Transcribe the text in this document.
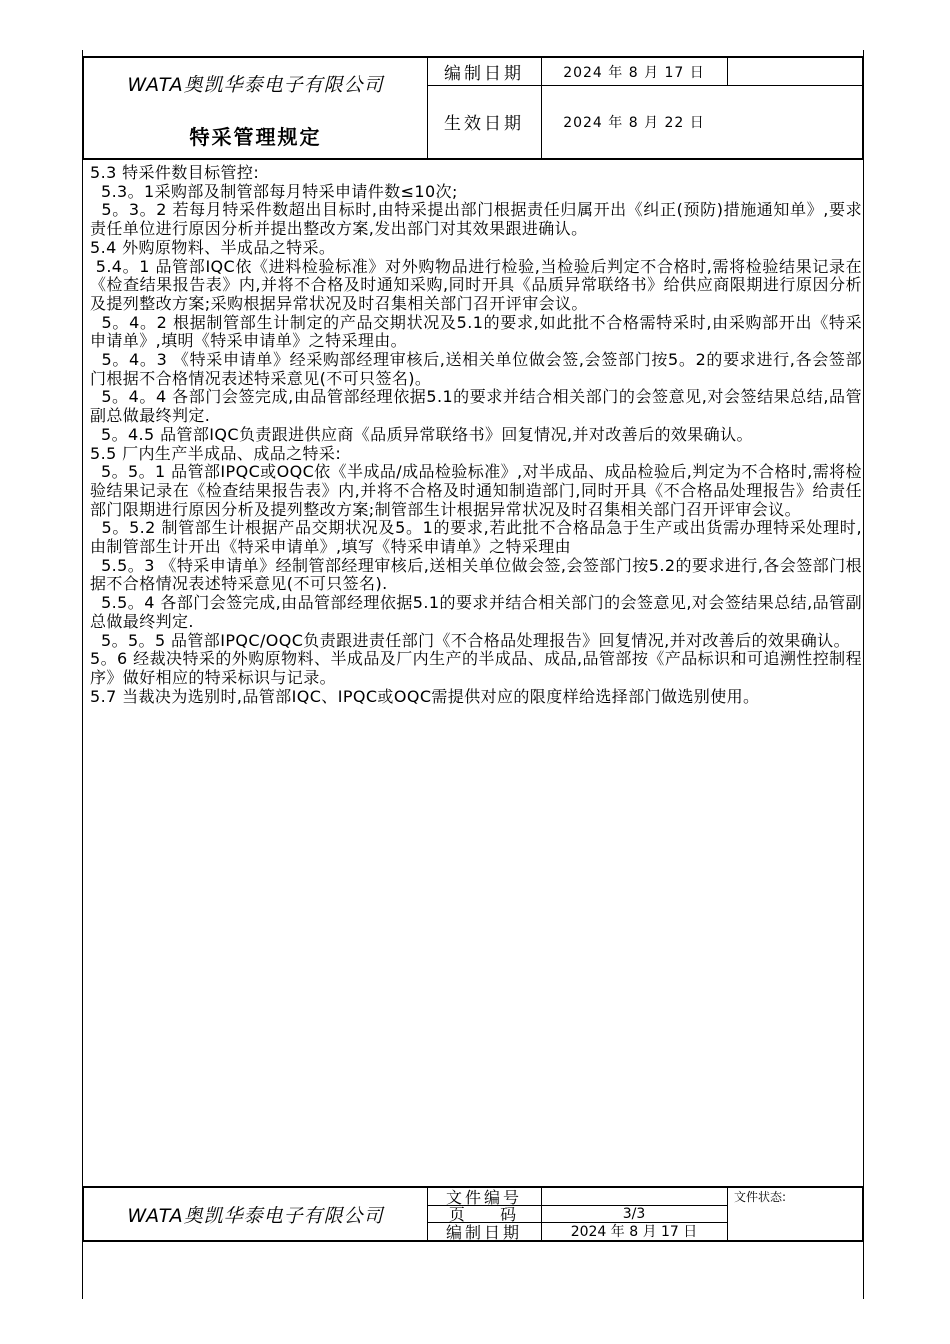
WATA奥凯华泰电子有限公司
特采管理规定
编制日期	2024 年 8 月 17 日
生效日期	2024 年 8 月 22 日

5.3 特采件数目标管控:

5.3。1采购部及制管部每月特采申请件数≤10次;

5。3。2 若每月特采件数超出目标时,由特采提出部门根据责任归属开出《纠正(预防)措施通知单》,要求责任单位进行原因分析并提出整改方案,发出部门对其效果跟进确认。

5.4 外购原物料、半成品之特采。

5.4。1 品管部IQC依《进料检验标准》对外购物品进行检验,当检验后判定不合格时,需将检验结果记录在《检查结果报告表》内,并将不合格及时通知采购,同时开具《品质异常联络书》给供应商限期进行原因分析及提列整改方案;采购根据异常状况及时召集相关部门召开评审会议。

5。4。2 根据制管部生计制定的产品交期状况及5.1的要求,如此批不合格需特采时,由采购部开出《特采申请单》,填明《特采申请单》之特采理由。

5。4。3 《特采申请单》经采购部经理审核后,送相关单位做会签,会签部门按5。2的要求进行,各会签部门根据不合格情况表述特采意见(不可只签名)。

5。4。4 各部门会签完成,由品管部经理依据5.1的要求并结合相关部门的会签意见,对会签结果总结,品管副总做最终判定.

5。4.5 品管部IQC负责跟进供应商《品质异常联络书》回复情况,并对改善后的效果确认。

5.5 厂内生产半成品、成品之特采:

5。5。1 品管部IPQC或OQC依《半成品/成品检验标准》,对半成品、成品检验后,判定为不合格时,需将检验结果记录在《检查结果报告表》内,并将不合格及时通知制造部门,同时开具《不合格品处理报告》给责任部门限期进行原因分析及提列整改方案;制管部生计根据异常状况及时召集相关部门召开评审会议。

5。5.2 制管部生计根据产品交期状况及5。1的要求,若此批不合格品急于生产或出货需办理特采处理时,由制管部生计开出《特采申请单》,填写《特采申请单》之特采理由

5.5。3 《特采申请单》经制管部经理审核后,送相关单位做会签,会签部门按5.2的要求进行,各会签部门根据不合格情况表述特采意见(不可只签名).

5.5。4 各部门会签完成,由品管部经理依据5.1的要求并结合相关部门的会签意见,对会签结果总结,品管副总做最终判定.

5。5。5 品管部IPQC/OQC负责跟进责任部门《不合格品处理报告》回复情况,并对改善后的效果确认。

5。6 经裁决特采的外购原物料、半成品及厂内生产的半成品、成品,品管部按《产品标识和可追溯性控制程序》做好相应的特采标识与记录。

5.7 当裁决为选别时,品管部IQC、IPQC或OQC需提供对应的限度样给选择部门做选别使用。

WATA奥凯华泰电子有限公司
文件编号
页    码	3/3
编制日期	2024 年 8 月 17 日
文件状态:
